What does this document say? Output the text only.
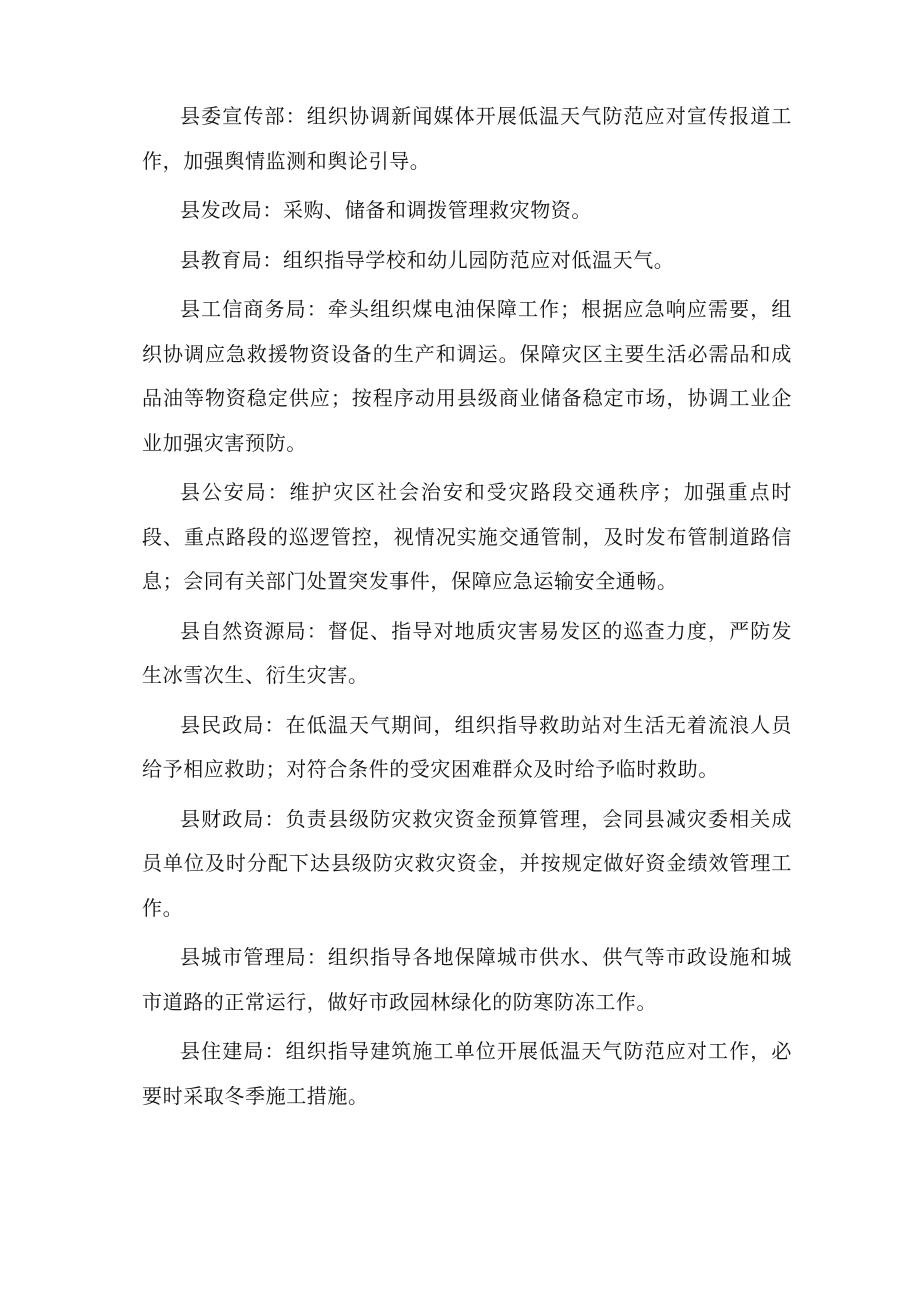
县委宣传部：组织协调新闻媒体开展低温天气防范应对宣传报道工作，加强舆情监测和舆论引导。

县发改局：采购、储备和调拨管理救灾物资。

县教育局：组织指导学校和幼儿园防范应对低温天气。

县工信商务局：牵头组织煤电油保障工作；根据应急响应需要，组织协调应急救援物资设备的生产和调运。保障灾区主要生活必需品和成品油等物资稳定供应；按程序动用县级商业储备稳定市场，协调工业企业加强灾害预防。

县公安局：维护灾区社会治安和受灾路段交通秩序；加强重点时段、重点路段的巡逻管控，视情况实施交通管制，及时发布管制道路信息；会同有关部门处置突发事件，保障应急运输安全通畅。

县自然资源局：督促、指导对地质灾害易发区的巡查力度，严防发生冰雪次生、衍生灾害。

县民政局：在低温天气期间，组织指导救助站对生活无着流浪人员给予相应救助；对符合条件的受灾困难群众及时给予临时救助。

县财政局：负责县级防灾救灾资金预算管理，会同县减灾委相关成员单位及时分配下达县级防灾救灾资金，并按规定做好资金绩效管理工作。

县城市管理局：组织指导各地保障城市供水、供气等市政设施和城市道路的正常运行，做好市政园林绿化的防寒防冻工作。

县住建局：组织指导建筑施工单位开展低温天气防范应对工作，必要时采取冬季施工措施。
